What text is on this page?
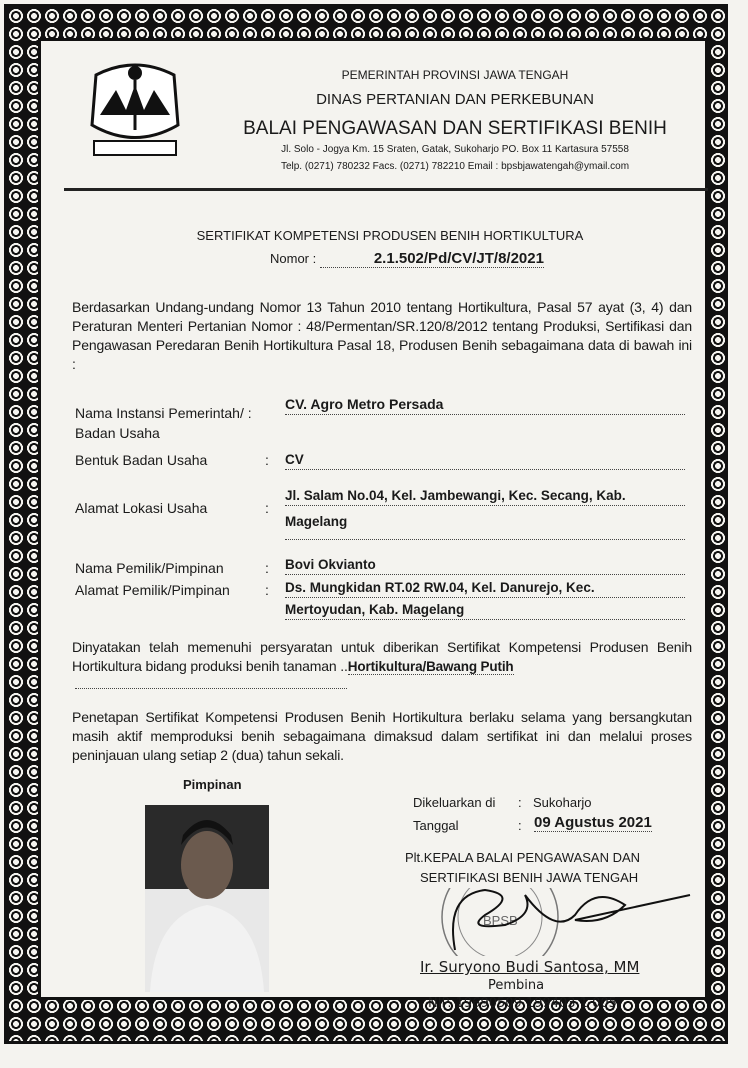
PEMERINTAH PROVINSI JAWA TENGAH
DINAS PERTANIAN DAN PERKEBUNAN
BALAI PENGAWASAN DAN SERTIFIKASI BENIH
Jl. Solo - Jogya Km. 15 Sraten, Gatak, Sukoharjo PO. Box 11 Kartasura 57558
Telp. (0271) 780232 Facs. (0271) 782210 Email : bpsbjawatengah@ymail.com
SERTIFIKAT KOMPETENSI PRODUSEN BENIH HORTIKULTURA
Nomor :	2.1.502/Pd/CV/JT/8/2021
Berdasarkan Undang-undang Nomor 13 Tahun 2010 tentang Hortikultura, Pasal 57 ayat (3, 4) dan Peraturan Menteri Pertanian Nomor : 48/Permentan/SR.120/8/2012 tentang Produksi, Sertifikasi dan Pengawasan Peredaran Benih Hortikultura Pasal 18, Produsen Benih sebagaimana data di bawah ini :
Nama Instansi Pemerintah/ :
Badan Usaha
CV. Agro Metro Persada
Bentuk Badan Usaha	: CV
Alamat Lokasi Usaha	:
Jl. Salam No.04, Kel. Jambewangi, Kec. Secang, Kab.
Magelang
Nama Pemilik/Pimpinan	: Bovi Okvianto
Alamat Pemilik/Pimpinan	: Ds. Mungkidan RT.02 RW.04, Kel. Danurejo, Kec.
Mertoyudan, Kab. Magelang
Dinyatakan telah memenuhi persyaratan untuk diberikan Sertifikat Kompetensi Produsen Benih Hortikultura bidang produksi benih tanaman ..Hortikultura/Bawang Putih
Penetapan Sertifikat Kompetensi Produsen Benih Hortikultura berlaku selama yang bersangkutan masih aktif memproduksi benih sebagaimana dimaksud dalam sertifikat ini dan melalui proses peninjauan ulang setiap 2 (dua) tahun sekali.
Pimpinan
Dikeluarkan di : Sukoharjo
Tanggal	: 09 Agustus 2021
Plt.KEPALA BALAI PENGAWASAN DAN
SERTIFIKASI BENIH JAWA TENGAH
BPSB
Ir. Suryono Budi Santosa, MM
Pembina
NIP. 19690509 199403 1 005
